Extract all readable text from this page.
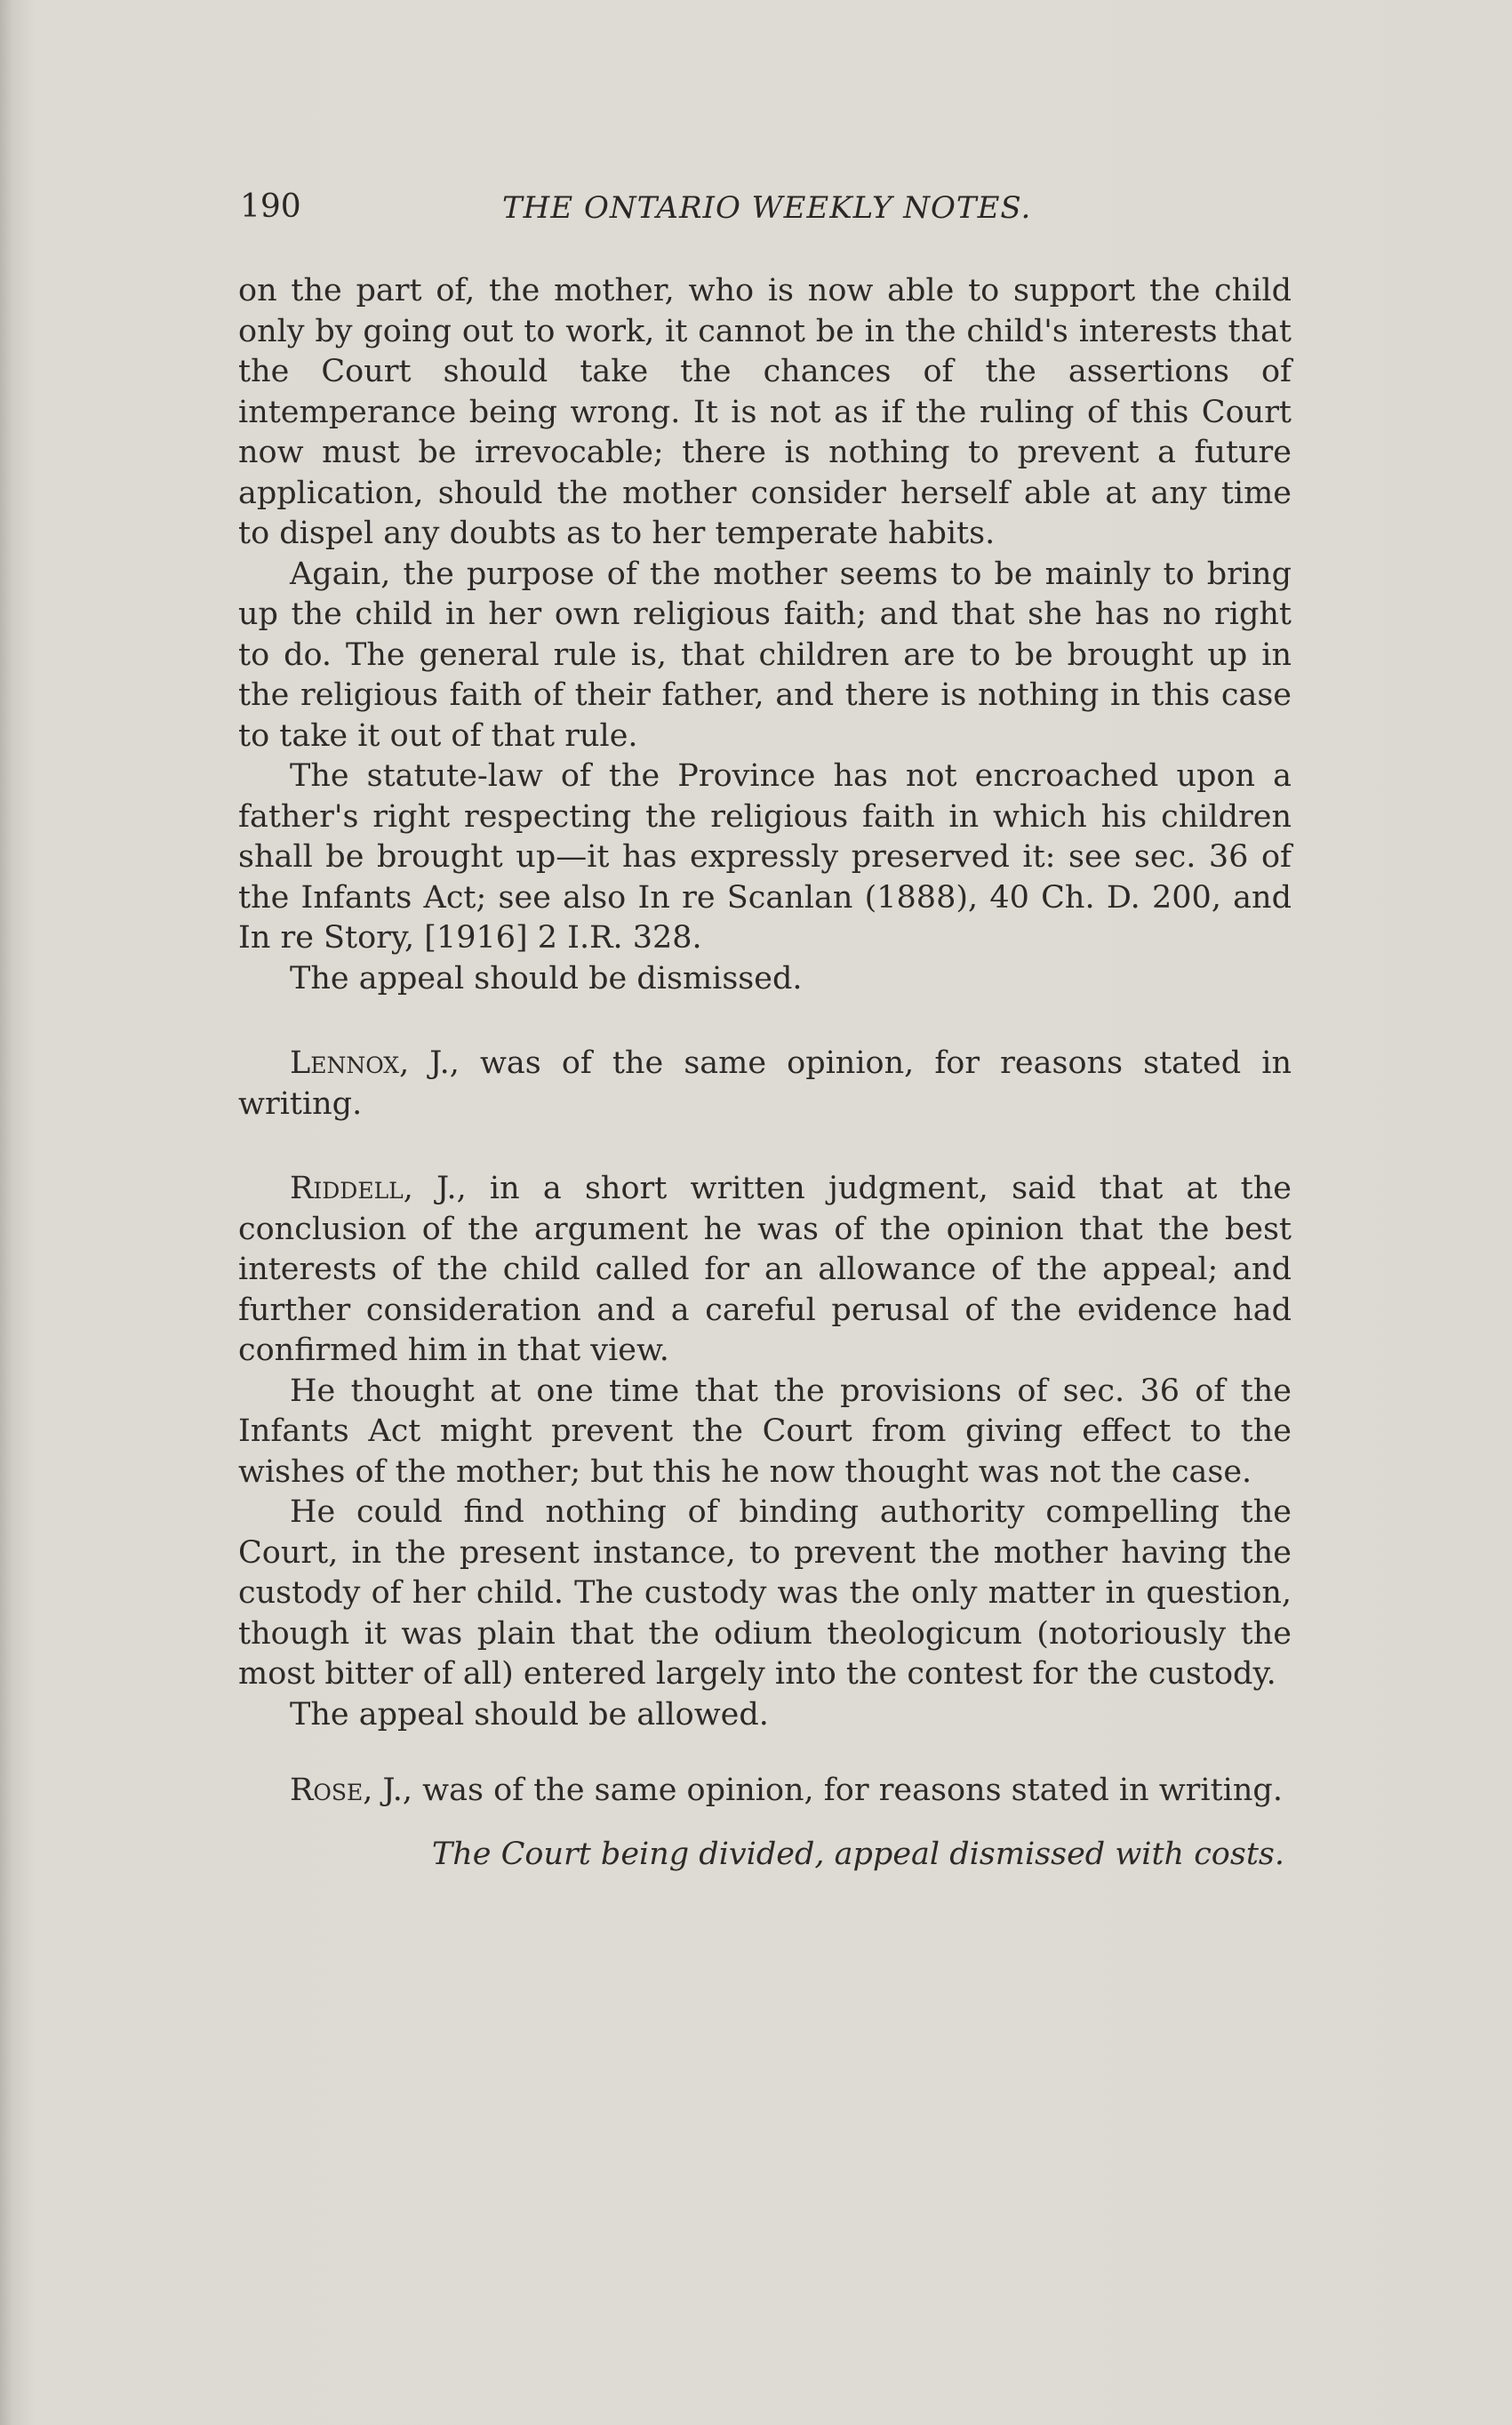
190	THE ONTARIO WEEKLY NOTES.

on the part of, the mother, who is now able to support the child only by going out to work, it cannot be in the child's interests that the Court should take the chances of the assertions of intemperance being wrong. It is not as if the ruling of this Court now must be irrevocable; there is nothing to prevent a future application, should the mother consider herself able at any time to dispel any doubts as to her temperate habits.

Again, the purpose of the mother seems to be mainly to bring up the child in her own religious faith; and that she has no right to do. The general rule is, that children are to be brought up in the religious faith of their father, and there is nothing in this case to take it out of that rule.

The statute-law of the Province has not encroached upon a father's right respecting the religious faith in which his children shall be brought up—it has expressly preserved it: see sec. 36 of the Infants Act; see also In re Scanlan (1888), 40 Ch. D. 200, and In re Story, [1916] 2 I.R. 328.

The appeal should be dismissed.

Lennox, J., was of the same opinion, for reasons stated in writing.

Riddell, J., in a short written judgment, said that at the conclusion of the argument he was of the opinion that the best interests of the child called for an allowance of the appeal; and further consideration and a careful perusal of the evidence had confirmed him in that view.

He thought at one time that the provisions of sec. 36 of the Infants Act might prevent the Court from giving effect to the wishes of the mother; but this he now thought was not the case.

He could find nothing of binding authority compelling the Court, in the present instance, to prevent the mother having the custody of her child. The custody was the only matter in question, though it was plain that the odium theologicum (notoriously the most bitter of all) entered largely into the contest for the custody.

The appeal should be allowed.

Rose, J., was of the same opinion, for reasons stated in writing.

The Court being divided, appeal dismissed with costs.
